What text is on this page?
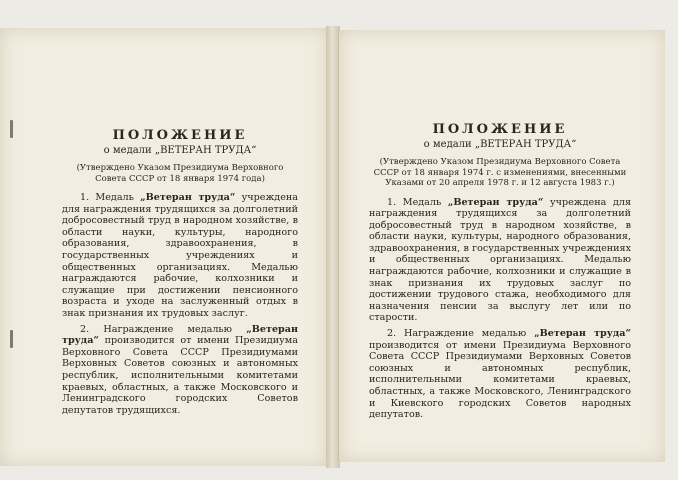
ПОЛОЖЕНИЕ

о медали „ВЕТЕРАН ТРУДА“

(Утверждено Указом Президиума Верховного Совета СССР от 18 января 1974 года)

1. Медаль „Ветеран труда“ учреждена для награждения трудящихся за долголетний добросовестный труд в народном хозяйстве, в области науки, культуры, народного образования, здравоохранения, в государственных учреждениях и общественных организациях. Медалью награждаются рабочие, колхозники и служащие при достижении пенсионного возраста и уходе на заслуженный отдых в знак признания их трудовых заслуг.

2. Награждение медалью „Ветеран труда“ производится от имени Президиума Верховного Совета СССР Президиумами Верховных Советов союзных и автономных республик, исполнительными комитетами краевых, областных, а также Московского и Ленинградского городских Советов депутатов трудящихся.

ПОЛОЖЕНИЕ

о медали „ВЕТЕРАН ТРУДА“

(Утверждено Указом Президиума Верховного Совета СССР от 18 января 1974 г. с изменениями, внесенными Указами от 20 апреля 1978 г. и 12 августа 1983 г.)

1. Медаль „Ветеран труда“ учреждена для награждения трудящихся за долголетний добросовестный труд в народном хозяйстве, в области науки, культуры, народного образования, здравоохранения, в государственных учреждениях и общественных организациях. Медалью награждаются рабочие, колхозники и служащие в знак признания их трудовых заслуг по достижении трудового стажа, необходимого для назначения пенсии за выслугу лет или по старости.

2. Награждение медалью „Ветеран труда“ производится от имени Президиума Верховного Совета СССР Президиумами Верховных Советов союзных и автономных республик, исполнительными комитетами краевых, областных, а также Московского, Ленинградского и Киевского городских Советов народных депутатов.
